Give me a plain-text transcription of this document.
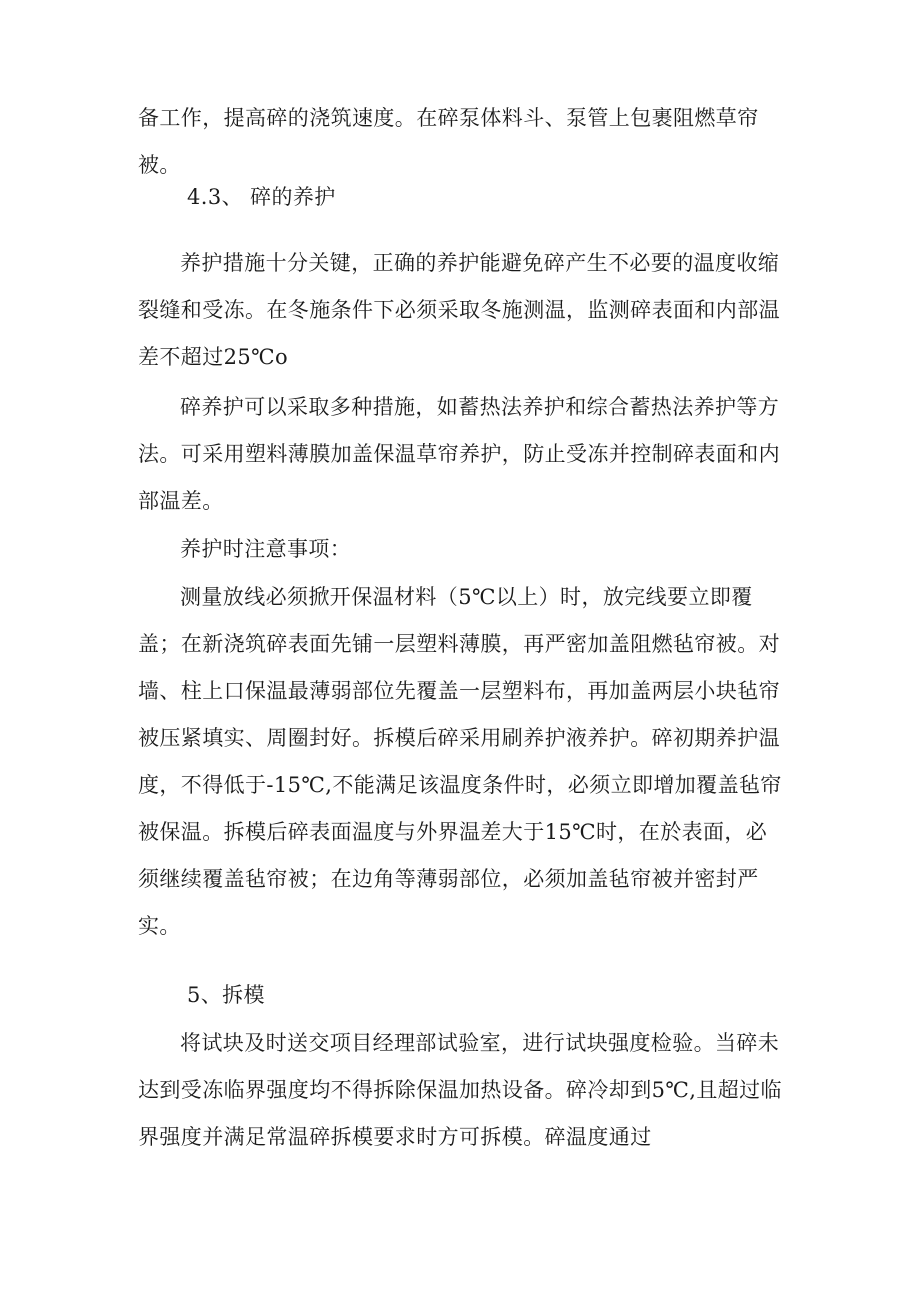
备工作，提高碎的浇筑速度。在碎泵体料斗、泵管上包裹阻燃草帘被。
4.3、 碎的养护
养护措施十分关键，正确的养护能避免碎产生不必要的温度收缩裂缝和受冻。在冬施条件下必须采取冬施测温，监测碎表面和内部温差不超过25℃o
碎养护可以采取多种措施，如蓄热法养护和综合蓄热法养护等方法。可采用塑料薄膜加盖保温草帘养护，防止受冻并控制碎表面和内部温差。
养护时注意事项：
测量放线必须掀开保温材料（5℃以上）时，放完线要立即覆盖；在新浇筑碎表面先铺一层塑料薄膜，再严密加盖阻燃毡帘被。对墙、柱上口保温最薄弱部位先覆盖一层塑料布，再加盖两层小块毡帘被压紧填实、周圈封好。拆模后碎采用刷养护液养护。碎初期养护温度，不得低于-15℃,不能满足该温度条件时，必须立即增加覆盖毡帘被保温。拆模后碎表面温度与外界温差大于15℃时，在於表面，必须继续覆盖毡帘被；在边角等薄弱部位，必须加盖毡帘被并密封严实。
5、拆模
将试块及时送交项目经理部试验室，进行试块强度检验。当碎未达到受冻临界强度均不得拆除保温加热设备。碎冷却到5℃,且超过临界强度并满足常温碎拆模要求时方可拆模。碎温度通过
